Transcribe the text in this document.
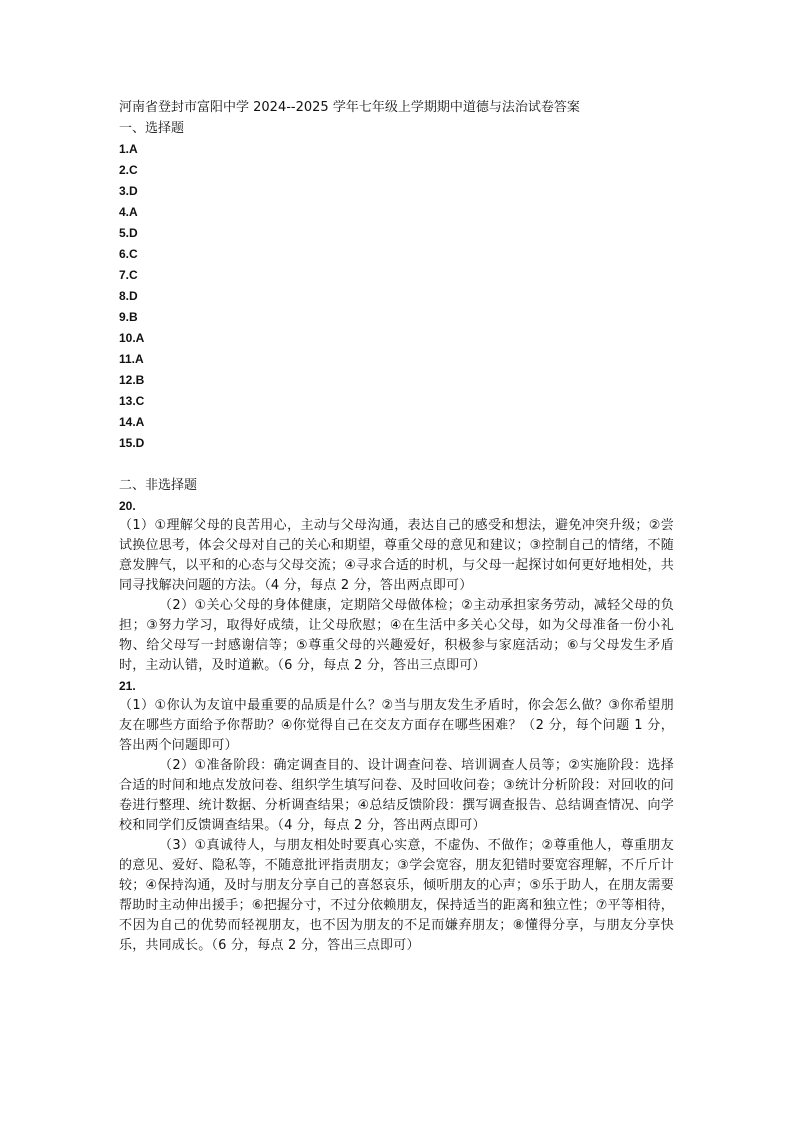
河南省登封市富阳中学 2024--2025 学年七年级上学期期中道德与法治试卷答案
一、选择题
1.A
2.C
3.D
4.A
5.D
6.C
7.C
8.D
9.B
10.A
11.A
12.B
13.C
14.A
15.D
二、非选择题
20.

（1）①理解父母的良苦用心，主动与父母沟通，表达自己的感受和想法，避免冲突升级；②尝试换位思考，体会父母对自己的关心和期望，尊重父母的意见和建议；③控制自己的情绪，不随意发脾气，以平和的心态与父母交流；④寻求合适的时机，与父母一起探讨如何更好地相处，共同寻找解决问题的方法。（4 分，每点 2 分，答出两点即可）

（2）①关心父母的身体健康，定期陪父母做体检；②主动承担家务劳动，减轻父母的负担；③努力学习，取得好成绩，让父母欣慰；④在生活中多关心父母，如为父母准备一份小礼物、给父母写一封感谢信等；⑤尊重父母的兴趣爱好，积极参与家庭活动；⑥与父母发生矛盾时，主动认错，及时道歉。（6 分，每点 2 分，答出三点即可）

21.

（1）①你认为友谊中最重要的品质是什么？②当与朋友发生矛盾时，你会怎么做？③你希望朋友在哪些方面给予你帮助？④你觉得自己在交友方面存在哪些困难？（2 分，每个问题 1 分，答出两个问题即可）

（2）①准备阶段：确定调查目的、设计调查问卷、培训调查人员等；②实施阶段：选择合适的时间和地点发放问卷、组织学生填写问卷、及时回收问卷；③统计分析阶段：对回收的问卷进行整理、统计数据、分析调查结果；④总结反馈阶段：撰写调查报告、总结调查情况、向学校和同学们反馈调查结果。（4 分，每点 2 分，答出两点即可）

（3）①真诚待人，与朋友相处时要真心实意，不虚伪、不做作；②尊重他人，尊重朋友的意见、爱好、隐私等，不随意批评指责朋友；③学会宽容，朋友犯错时要宽容理解，不斤斤计较；④保持沟通，及时与朋友分享自己的喜怒哀乐，倾听朋友的心声；⑤乐于助人，在朋友需要帮助时主动伸出援手；⑥把握分寸，不过分依赖朋友，保持适当的距离和独立性；⑦平等相待，不因为自己的优势而轻视朋友，也不因为朋友的不足而嫌弃朋友；⑧懂得分享，与朋友分享快乐，共同成长。（6 分，每点 2 分，答出三点即可）
